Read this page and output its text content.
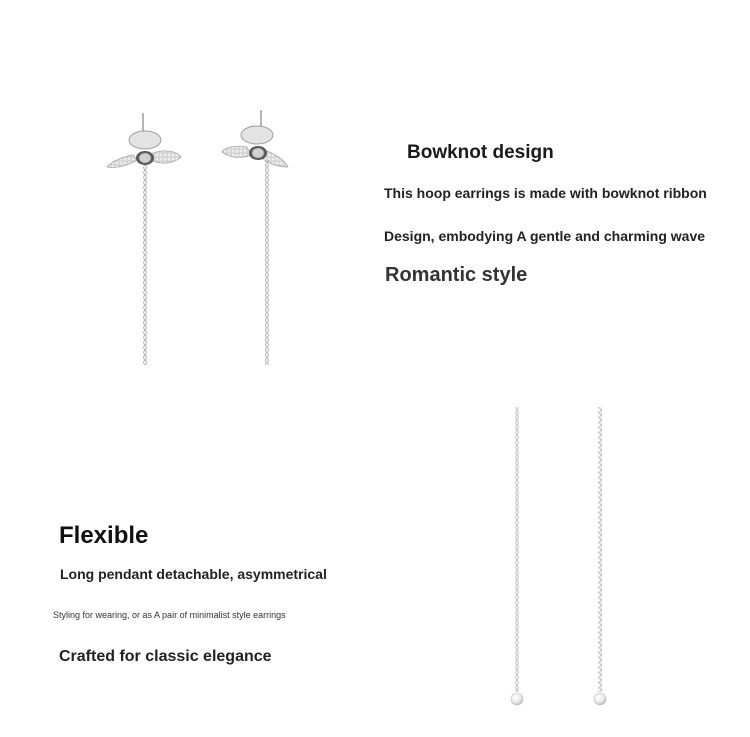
Bowknot design

This hoop earrings is made with bowknot ribbon

Design, embodying A gentle and charming wave

Romantic style

Flexible

Long pendant detachable, asymmetrical

Styling for wearing, or as A pair of minimalist style earrings

Crafted for classic elegance
